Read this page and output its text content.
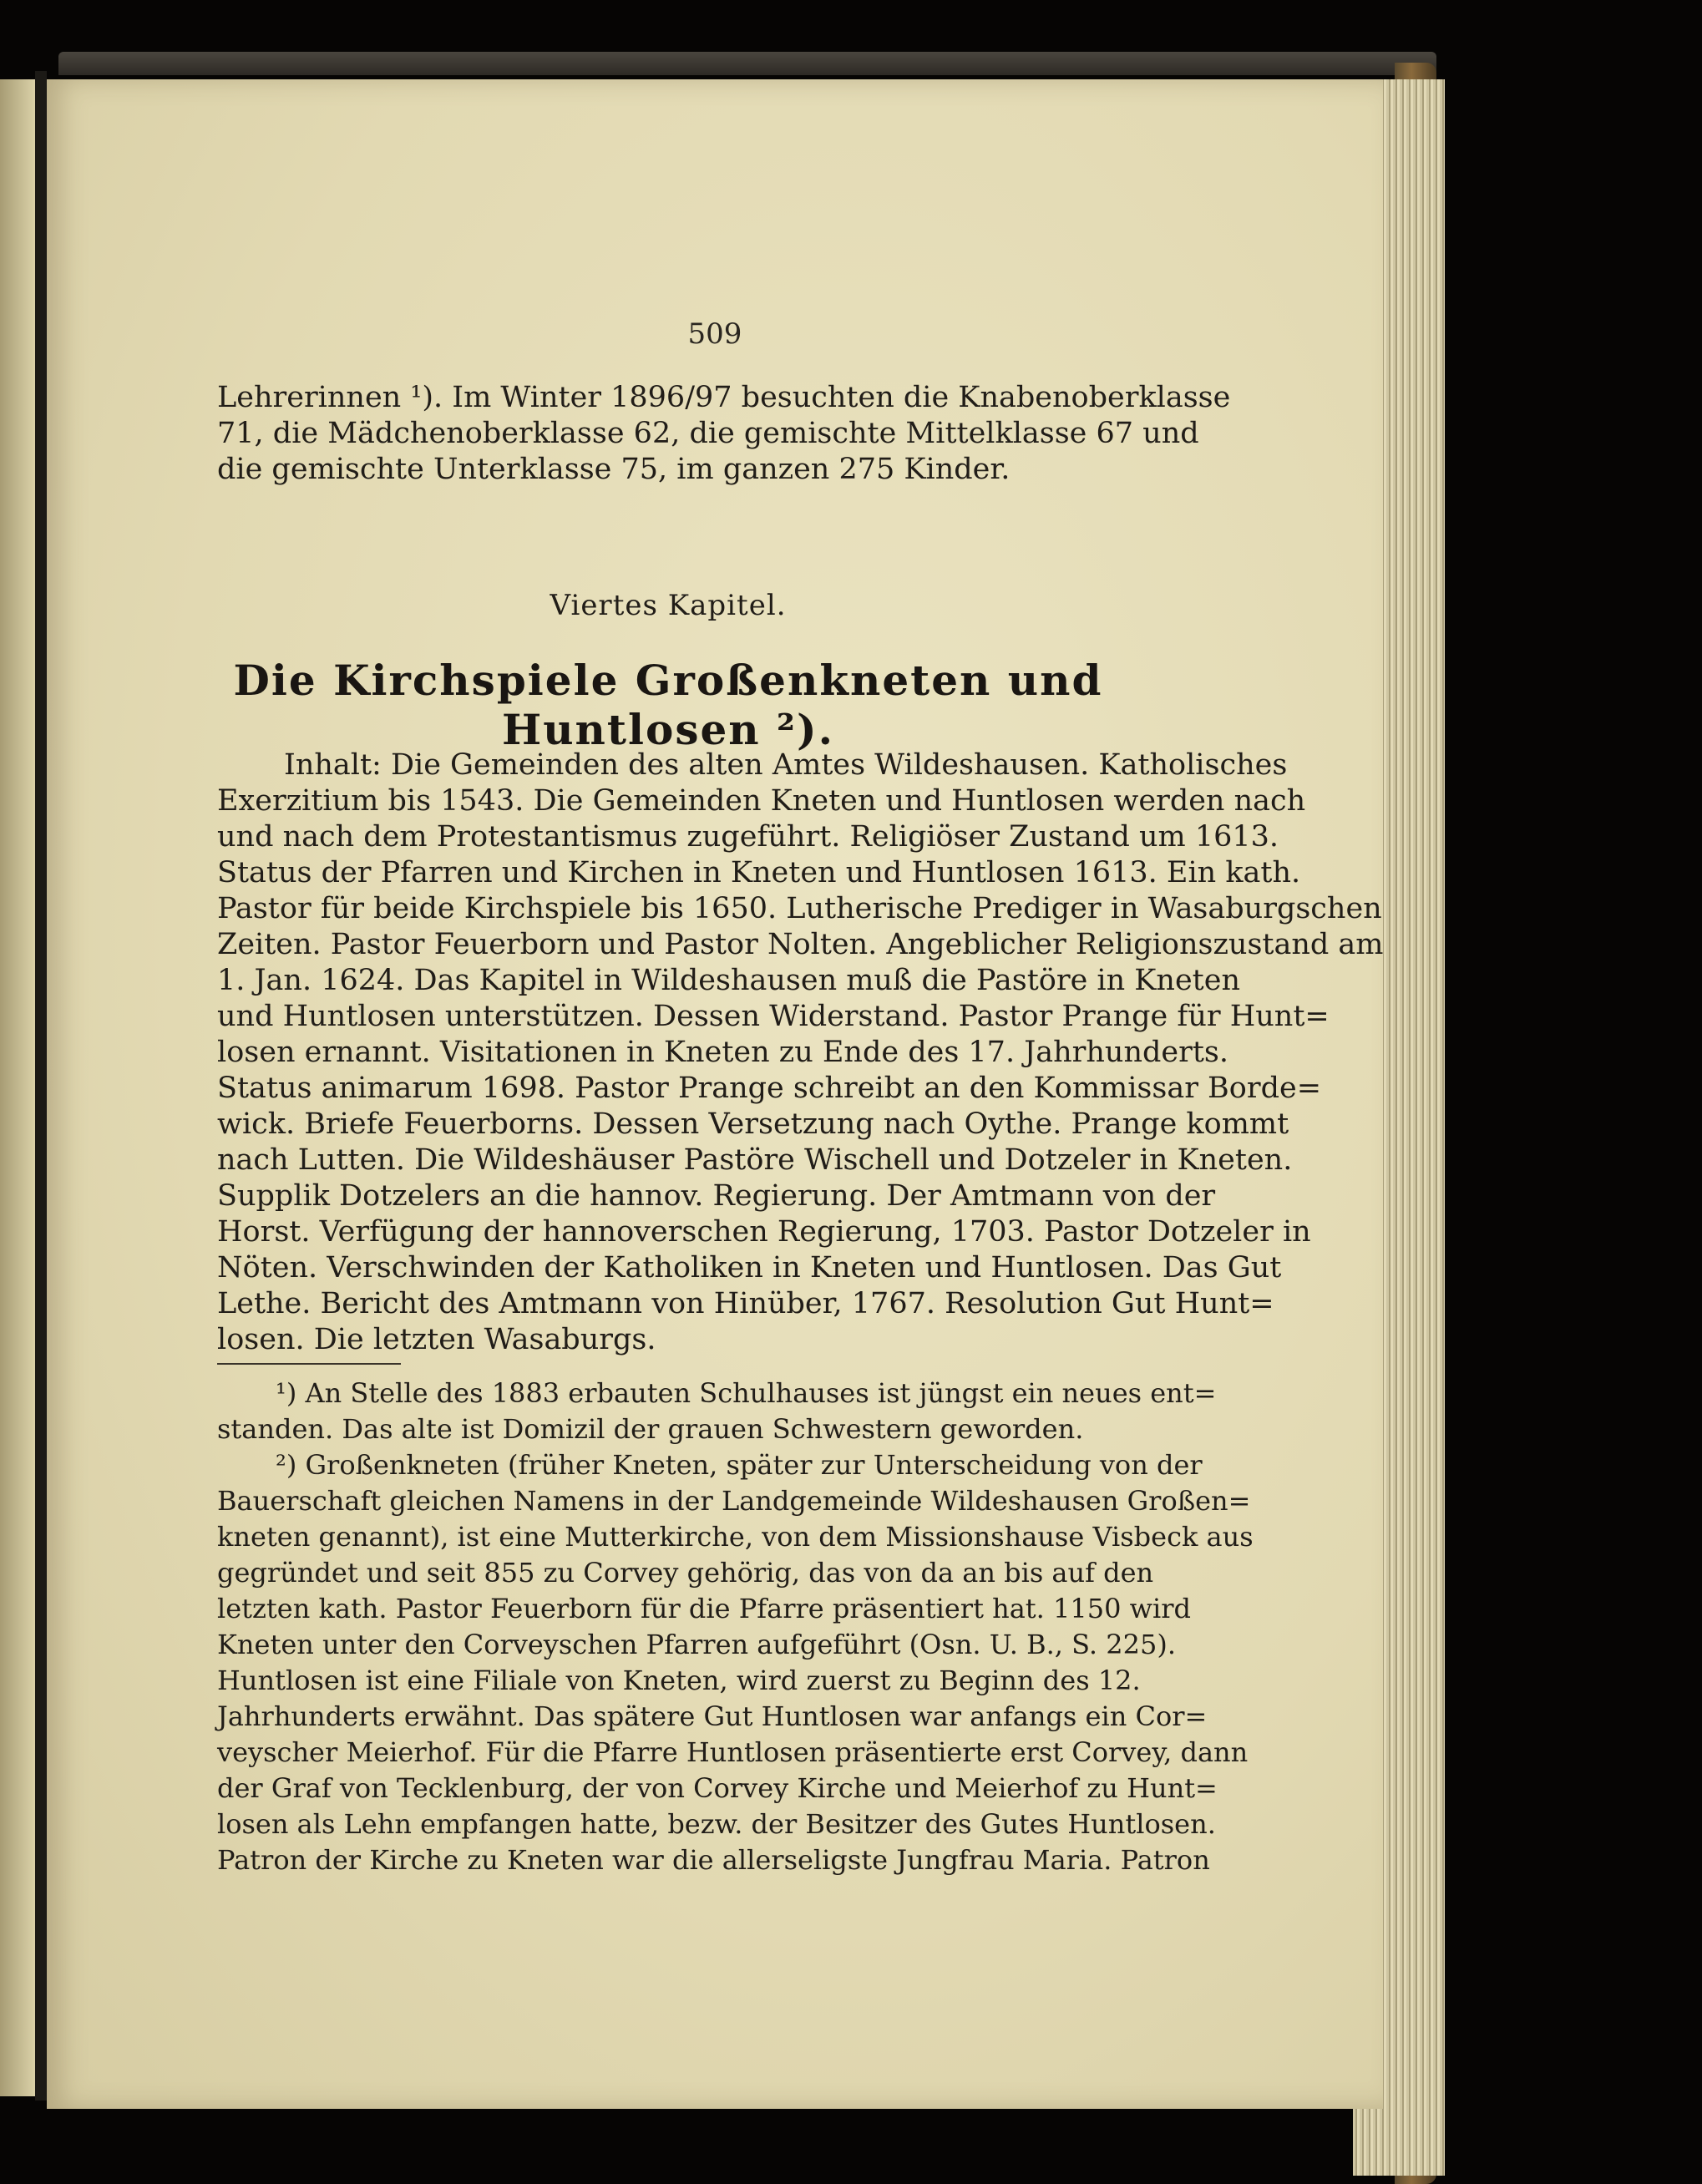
509
Lehrerinnen ¹). Im Winter 1896/97 besuchten die Knabenoberklasse
71, die Mädchenoberklasse 62, die gemischte Mittelklasse 67 und
die gemischte Unterklasse 75, im ganzen 275 Kinder.
Viertes Kapitel.
Die Kirchspiele Großenkneten und Huntlosen ²).
Inhalt: Die Gemeinden des alten Amtes Wildeshausen. Katholisches
Exerzitium bis 1543. Die Gemeinden Kneten und Huntlosen werden nach
und nach dem Protestantismus zugeführt. Religiöser Zustand um 1613.
Status der Pfarren und Kirchen in Kneten und Huntlosen 1613. Ein kath.
Pastor für beide Kirchspiele bis 1650. Lutherische Prediger in Wasaburgschen
Zeiten. Pastor Feuerborn und Pastor Nolten. Angeblicher Religionszustand am
1. Jan. 1624. Das Kapitel in Wildeshausen muß die Pastöre in Kneten
und Huntlosen unterstützen. Dessen Widerstand. Pastor Prange für Hunt=
losen ernannt. Visitationen in Kneten zu Ende des 17. Jahrhunderts.
Status animarum 1698. Pastor Prange schreibt an den Kommissar Borde=
wick. Briefe Feuerborns. Dessen Versetzung nach Oythe. Prange kommt
nach Lutten. Die Wildeshäuser Pastöre Wischell und Dotzeler in Kneten.
Supplik Dotzelers an die hannov. Regierung. Der Amtmann von der
Horst. Verfügung der hannoverschen Regierung, 1703. Pastor Dotzeler in
Nöten. Verschwinden der Katholiken in Kneten und Huntlosen. Das Gut
Lethe. Bericht des Amtmann von Hinüber, 1767. Resolution Gut Hunt=
losen. Die letzten Wasaburgs.
¹) An Stelle des 1883 erbauten Schulhauses ist jüngst ein neues ent=
standen. Das alte ist Domizil der grauen Schwestern geworden.
²) Großenkneten (früher Kneten, später zur Unterscheidung von der
Bauerschaft gleichen Namens in der Landgemeinde Wildeshausen Großen=
kneten genannt), ist eine Mutterkirche, von dem Missionshause Visbeck aus
gegründet und seit 855 zu Corvey gehörig, das von da an bis auf den
letzten kath. Pastor Feuerborn für die Pfarre präsentiert hat. 1150 wird
Kneten unter den Corveyschen Pfarren aufgeführt (Osn. U. B., S. 225).
Huntlosen ist eine Filiale von Kneten, wird zuerst zu Beginn des 12.
Jahrhunderts erwähnt. Das spätere Gut Huntlosen war anfangs ein Cor=
veyscher Meierhof. Für die Pfarre Huntlosen präsentierte erst Corvey, dann
der Graf von Tecklenburg, der von Corvey Kirche und Meierhof zu Hunt=
losen als Lehn empfangen hatte, bezw. der Besitzer des Gutes Huntlosen.
Patron der Kirche zu Kneten war die allerseligste Jungfrau Maria. Patron
